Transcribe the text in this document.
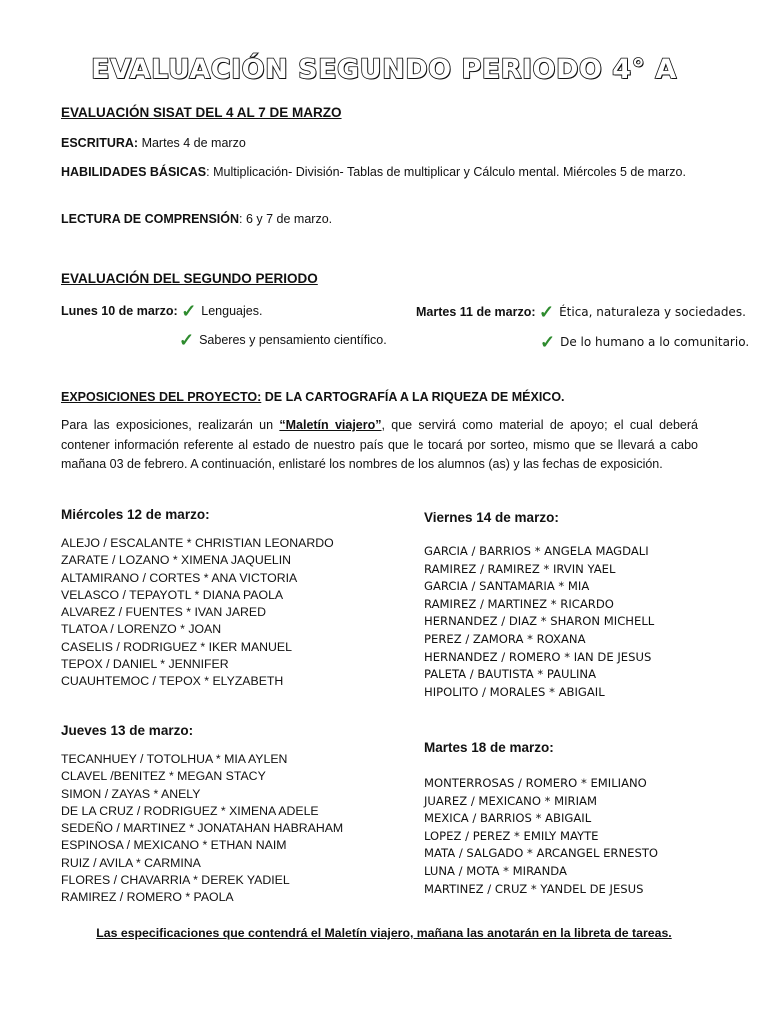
EVALUACIÓN SEGUNDO PERIODO 4° A
EVALUACIÓN SISAT DEL 4 AL 7 DE MARZO
ESCRITURA: Martes 4 de marzo
HABILIDADES BÁSICAS: Multiplicación- División- Tablas de multiplicar y Cálculo mental. Miércoles 5 de marzo.
LECTURA DE COMPRENSIÓN: 6 y 7 de marzo.
EVALUACIÓN DEL SEGUNDO PERIODO
Lunes 10 de marzo: ✓ Lenguajes.
✓ Saberes y pensamiento científico.
Martes 11 de marzo: ✓ Ética, naturaleza y sociedades.
✓ De lo humano a lo comunitario.
EXPOSICIONES DEL PROYECTO: DE LA CARTOGRAFÍA A LA RIQUEZA DE MÉXICO.
Para las exposiciones, realizarán un “Maletín viajero”, que servirá como material de apoyo; el cual deberá contener información referente al estado de nuestro país que le tocará por sorteo, mismo que se llevará a cabo mañana 03 de febrero. A continuación, enlistaré los nombres de los alumnos (as) y las fechas de exposición.
Miércoles 12 de marzo:
ALEJO / ESCALANTE * CHRISTIAN LEONARDO
ZARATE / LOZANO * XIMENA JAQUELIN
ALTAMIRANO / CORTES * ANA VICTORIA
VELASCO / TEPAYOTL * DIANA PAOLA
ALVAREZ / FUENTES * IVAN JARED
TLATOA / LORENZO * JOAN
CASELIS / RODRIGUEZ * IKER MANUEL
TEPOX / DANIEL * JENNIFER
CUAUHTEMOC / TEPOX * ELYZABETH
Viernes 14 de marzo:
GARCIA / BARRIOS * ANGELA MAGDALI
RAMIREZ / RAMIREZ * IRVIN YAEL
GARCIA / SANTAMARIA * MIA
RAMIREZ / MARTINEZ * RICARDO
HERNANDEZ / DIAZ * SHARON MICHELL
PEREZ / ZAMORA * ROXANA
HERNANDEZ / ROMERO * IAN DE JESUS
PALETA / BAUTISTA * PAULINA
HIPOLITO / MORALES * ABIGAIL
Jueves 13 de marzo:
TECANHUEY / TOTOLHUA * MIA AYLEN
CLAVEL /BENITEZ * MEGAN STACY
SIMON / ZAYAS * ANELY
DE LA CRUZ / RODRIGUEZ * XIMENA ADELE
SEDEÑO / MARTINEZ * JONATAHAN HABRAHAM
ESPINOSA / MEXICANO * ETHAN NAIM
RUIZ / AVILA * CARMINA
FLORES / CHAVARRIA * DEREK YADIEL
RAMIREZ / ROMERO * PAOLA
Martes 18 de marzo:
MONTERROSAS / ROMERO * EMILIANO
JUAREZ / MEXICANO * MIRIAM
MEXICA / BARRIOS * ABIGAIL
LOPEZ / PEREZ * EMILY MAYTE
MATA / SALGADO * ARCANGEL ERNESTO
LUNA / MOTA * MIRANDA
MARTINEZ / CRUZ * YANDEL DE JESUS
Las especificaciones que contendrá el Maletín viajero, mañana las anotarán en la libreta de tareas.
